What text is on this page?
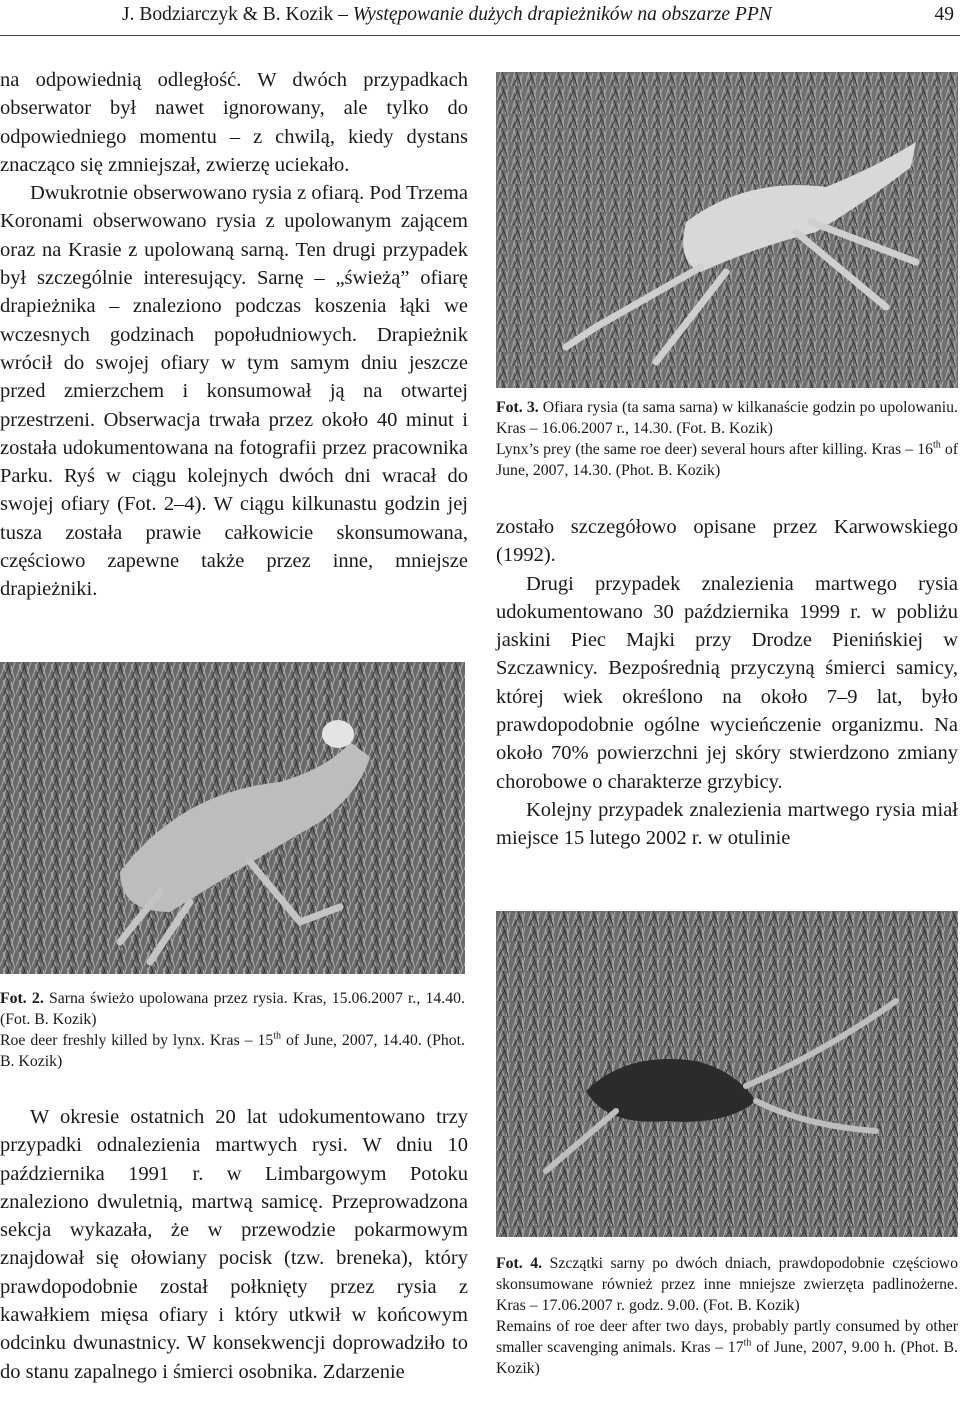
J. Bodziarczyk & B. Kozik – Występowanie dużych drapieżników na obszarze PPN	49

na odpowiednią odległość. W dwóch przypadkach obserwator był nawet ignorowany, ale tylko do odpowiedniego momentu – z chwilą, kiedy dystans znacząco się zmniejszał, zwierzę uciekało.

Dwukrotnie obserwowano rysia z ofiarą. Pod Trzema Koronami obserwowano rysia z upolowanym zającem oraz na Krasie z upolowaną sarną. Ten drugi przypadek był szczególnie interesujący. Sarnę – „świeżą” ofiarę drapieżnika – znaleziono podczas koszenia łąki we wczesnych godzinach popołudniowych. Drapieżnik wrócił do swojej ofiary w tym samym dniu jeszcze przed zmierzchem i konsumował ją na otwartej przestrzeni. Obserwacja trwała przez około 40 minut i została udokumentowana na fotografii przez pracownika Parku. Ryś w ciągu kolejnych dwóch dni wracał do swojej ofiary (Fot. 2–4). W ciągu kilkunastu godzin jej tusza została prawie całkowicie skonsumowana, częściowo zapewne także przez inne, mniejsze drapieżniki.

Fot. 3. Ofiara rysia (ta sama sarna) w kilkanaście godzin po upolowaniu. Kras – 16.06.2007 r., 14.30. (Fot. B. Kozik)
Lynx’s prey (the same roe deer) several hours after killing. Kras – 16th of June, 2007, 14.30. (Phot. B. Kozik)

zostało szczegółowo opisane przez Karwowskiego (1992).

Drugi przypadek znalezienia martwego rysia udokumentowano 30 października 1999 r. w pobliżu jaskini Piec Majki przy Drodze Pienińskiej w Szczawnicy. Bezpośrednią przyczyną śmierci samicy, której wiek określono na około 7–9 lat, było prawdopodobnie ogólne wycieńczenie organizmu. Na około 70% powierzchni jej skóry stwierdzono zmiany chorobowe o charakterze grzybicy.

Kolejny przypadek znalezienia martwego rysia miał miejsce 15 lutego 2002 r. w otulinie

Fot. 2. Sarna świeżo upolowana przez rysia. Kras, 15.06.2007 r., 14.40. (Fot. B. Kozik)
Roe deer freshly killed by lynx. Kras – 15th of June, 2007, 14.40. (Phot. B. Kozik)

W okresie ostatnich 20 lat udokumentowano trzy przypadki odnalezienia martwych rysi. W dniu 10 października 1991 r. w Limbargowym Potoku znaleziono dwuletnią, martwą samicę. Przeprowadzona sekcja wykazała, że w przewodzie pokarmowym znajdował się ołowiany pocisk (tzw. breneka), który prawdopodobnie został połknięty przez rysia z kawałkiem mięsa ofiary i który utkwił w końcowym odcinku dwunastnicy. W konsekwencji doprowadziło to do stanu zapalnego i śmierci osobnika. Zdarzenie

Fot. 4. Szczątki sarny po dwóch dniach, prawdopodobnie częściowo skonsumowane również przez inne mniejsze zwierzęta padlinożerne. Kras – 17.06.2007 r. godz. 9.00. (Fot. B. Kozik)
Remains of roe deer after two days, probably partly consumed by other smaller scavenging animals. Kras – 17th of June, 2007, 9.00 h. (Phot. B. Kozik)
